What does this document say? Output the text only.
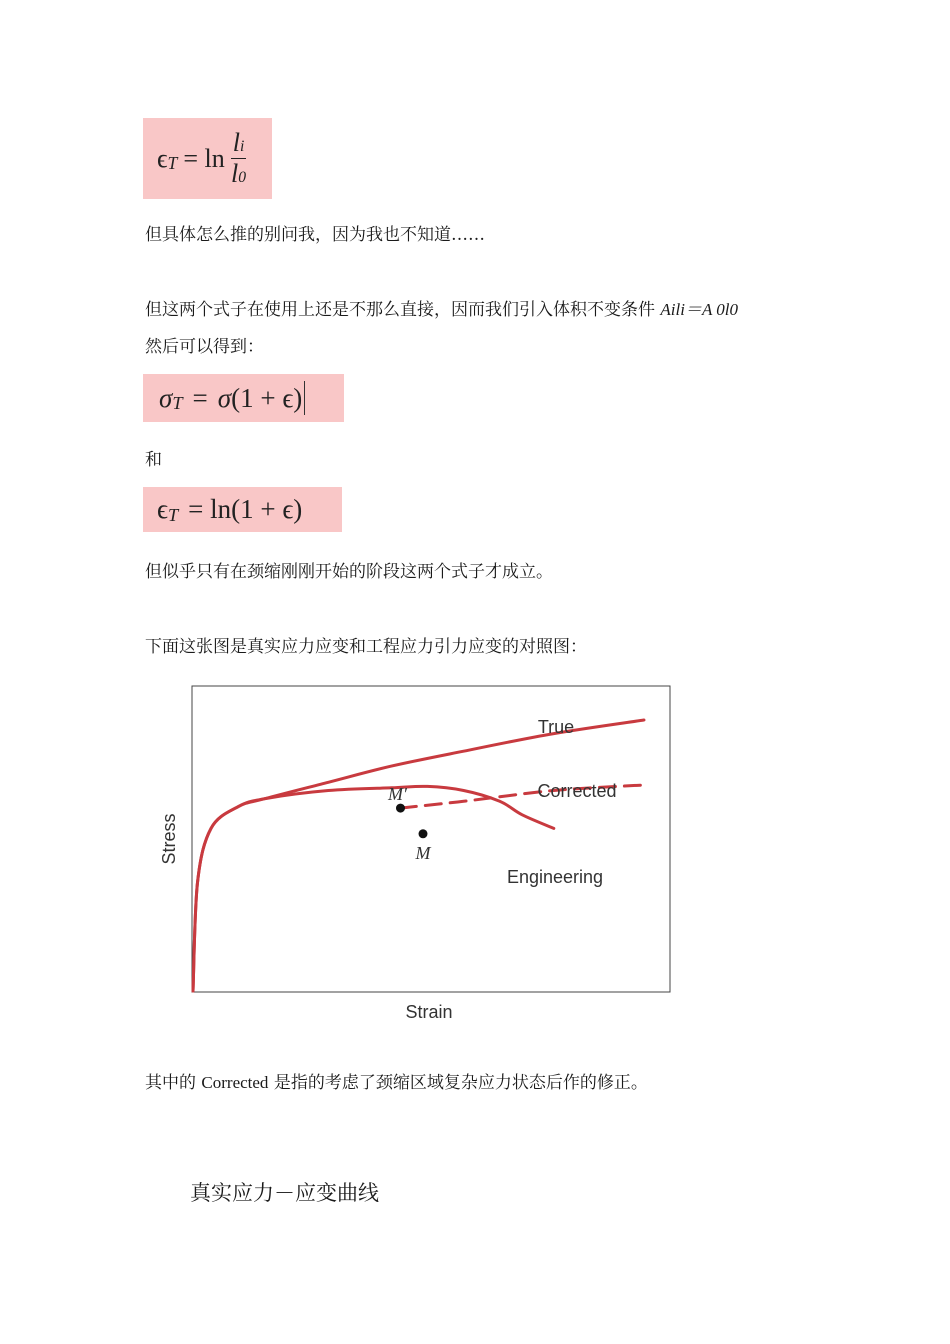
ϵ $T = \ln \frac{li}{l0}$
但具体怎么推的别问我，因为我也不知道……
但这两个式子在使用上还是不那么直接，因而我们引入体积不变条件 Aili＝A 0l0
然后可以得到：
σ T = σ (1 + ϵ)
和
ϵ T = ln(1 + ϵ)
但似乎只有在颈缩刚刚开始的阶段这两个式子才成立。
下面这张图是真实应力应变和工程应力引力应变的对照图：
M′
M
True
Corrected
Engineering
Strain
Stress
其中的 Corrected 是指的考虑了颈缩区域复杂应力状态后作的修正。
真实应力－应变曲线
